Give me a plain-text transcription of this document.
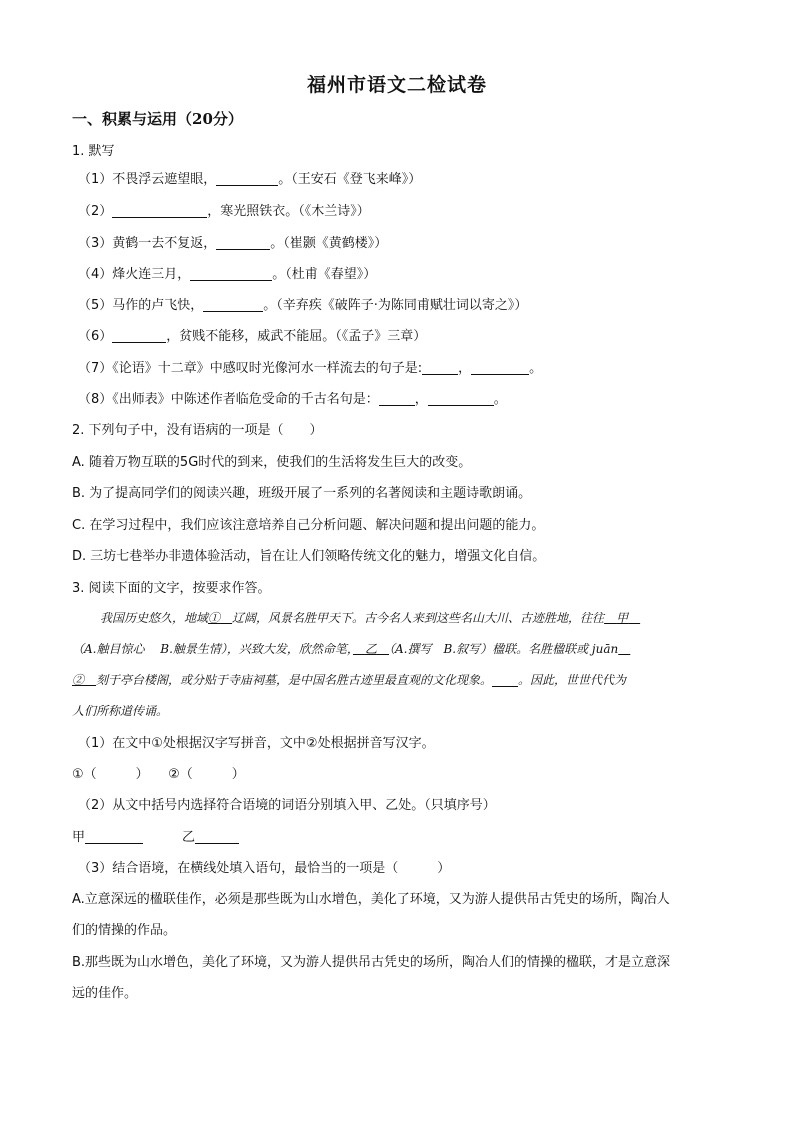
福州市语文二检试卷
一、积累与运用（20分）
1. 默写
（1）不畏浮云遮望眼，	。（王安石《登飞来峰》）
（2）	，寒光照铁衣。（《木兰诗》）
（3）黄鹤一去不复返，	。（崔颢《黄鹤楼》）
（4）烽火连三月，	。（杜甫《春望》）
（5）马作的卢飞快，	。（辛弃疾《破阵子·为陈同甫赋壮词以寄之》）
（6）	，贫贱不能移，威武不能屈。（《孟子》三章）
（7）《论语》十二章》中感叹时光像河水一样流去的句子是:	，	。
（8）《出师表》中陈述作者临危受命的千古名句是：	，	。
2. 下列句子中，没有语病的一项是（　　）
A. 随着万物互联的5G时代的到来，使我们的生活将发生巨大的改变。
B. 为了提高同学们的阅读兴趣，班级开展了一系列的名著阅读和主题诗歌朗诵。
C. 在学习过程中，我们应该注意培养自己分析问题、解决问题和提出问题的能力。
D. 三坊七巷举办非遗体验活动，旨在让人们领略传统文化的魅力，增强文化自信。
3. 阅读下面的文字，按要求作答。
我国历史悠久，地域①　 辽阔，风景名胜甲天下。古今名人来到这些名山大川、古迹胜地，往往　 甲　
（A.触目惊心　 B.触景生情），兴致大发，欣然命笔，　 乙　 （A.撰写　B.叙写）楹联。名胜楹联或 juān　
②　 刻于亭台楼阁，或分贴于寺庙祠墓，是中国名胜古迹里最直观的文化现象。 。因此，世世代代为
人们所称道传诵。
（1）在文中①处根据汉字写拼音，文中②处根据拼音写汉字。
①（　　　）　　②（　　　）
（2）从文中括号内选择符合语境的词语分别填入甲、乙处。（只填序号）
甲　　　	乙
（3）结合语境，在横线处填入语句，最恰当的一项是（　　　）
A.立意深远的楹联佳作，必须是那些既为山水增色，美化了环境，又为游人提供吊古凭史的场所，陶冶人
们的情操的作品。
B.那些既为山水增色，美化了环境，又为游人提供吊古凭史的场所，陶冶人们的情操的楹联，才是立意深
远的佳作。
